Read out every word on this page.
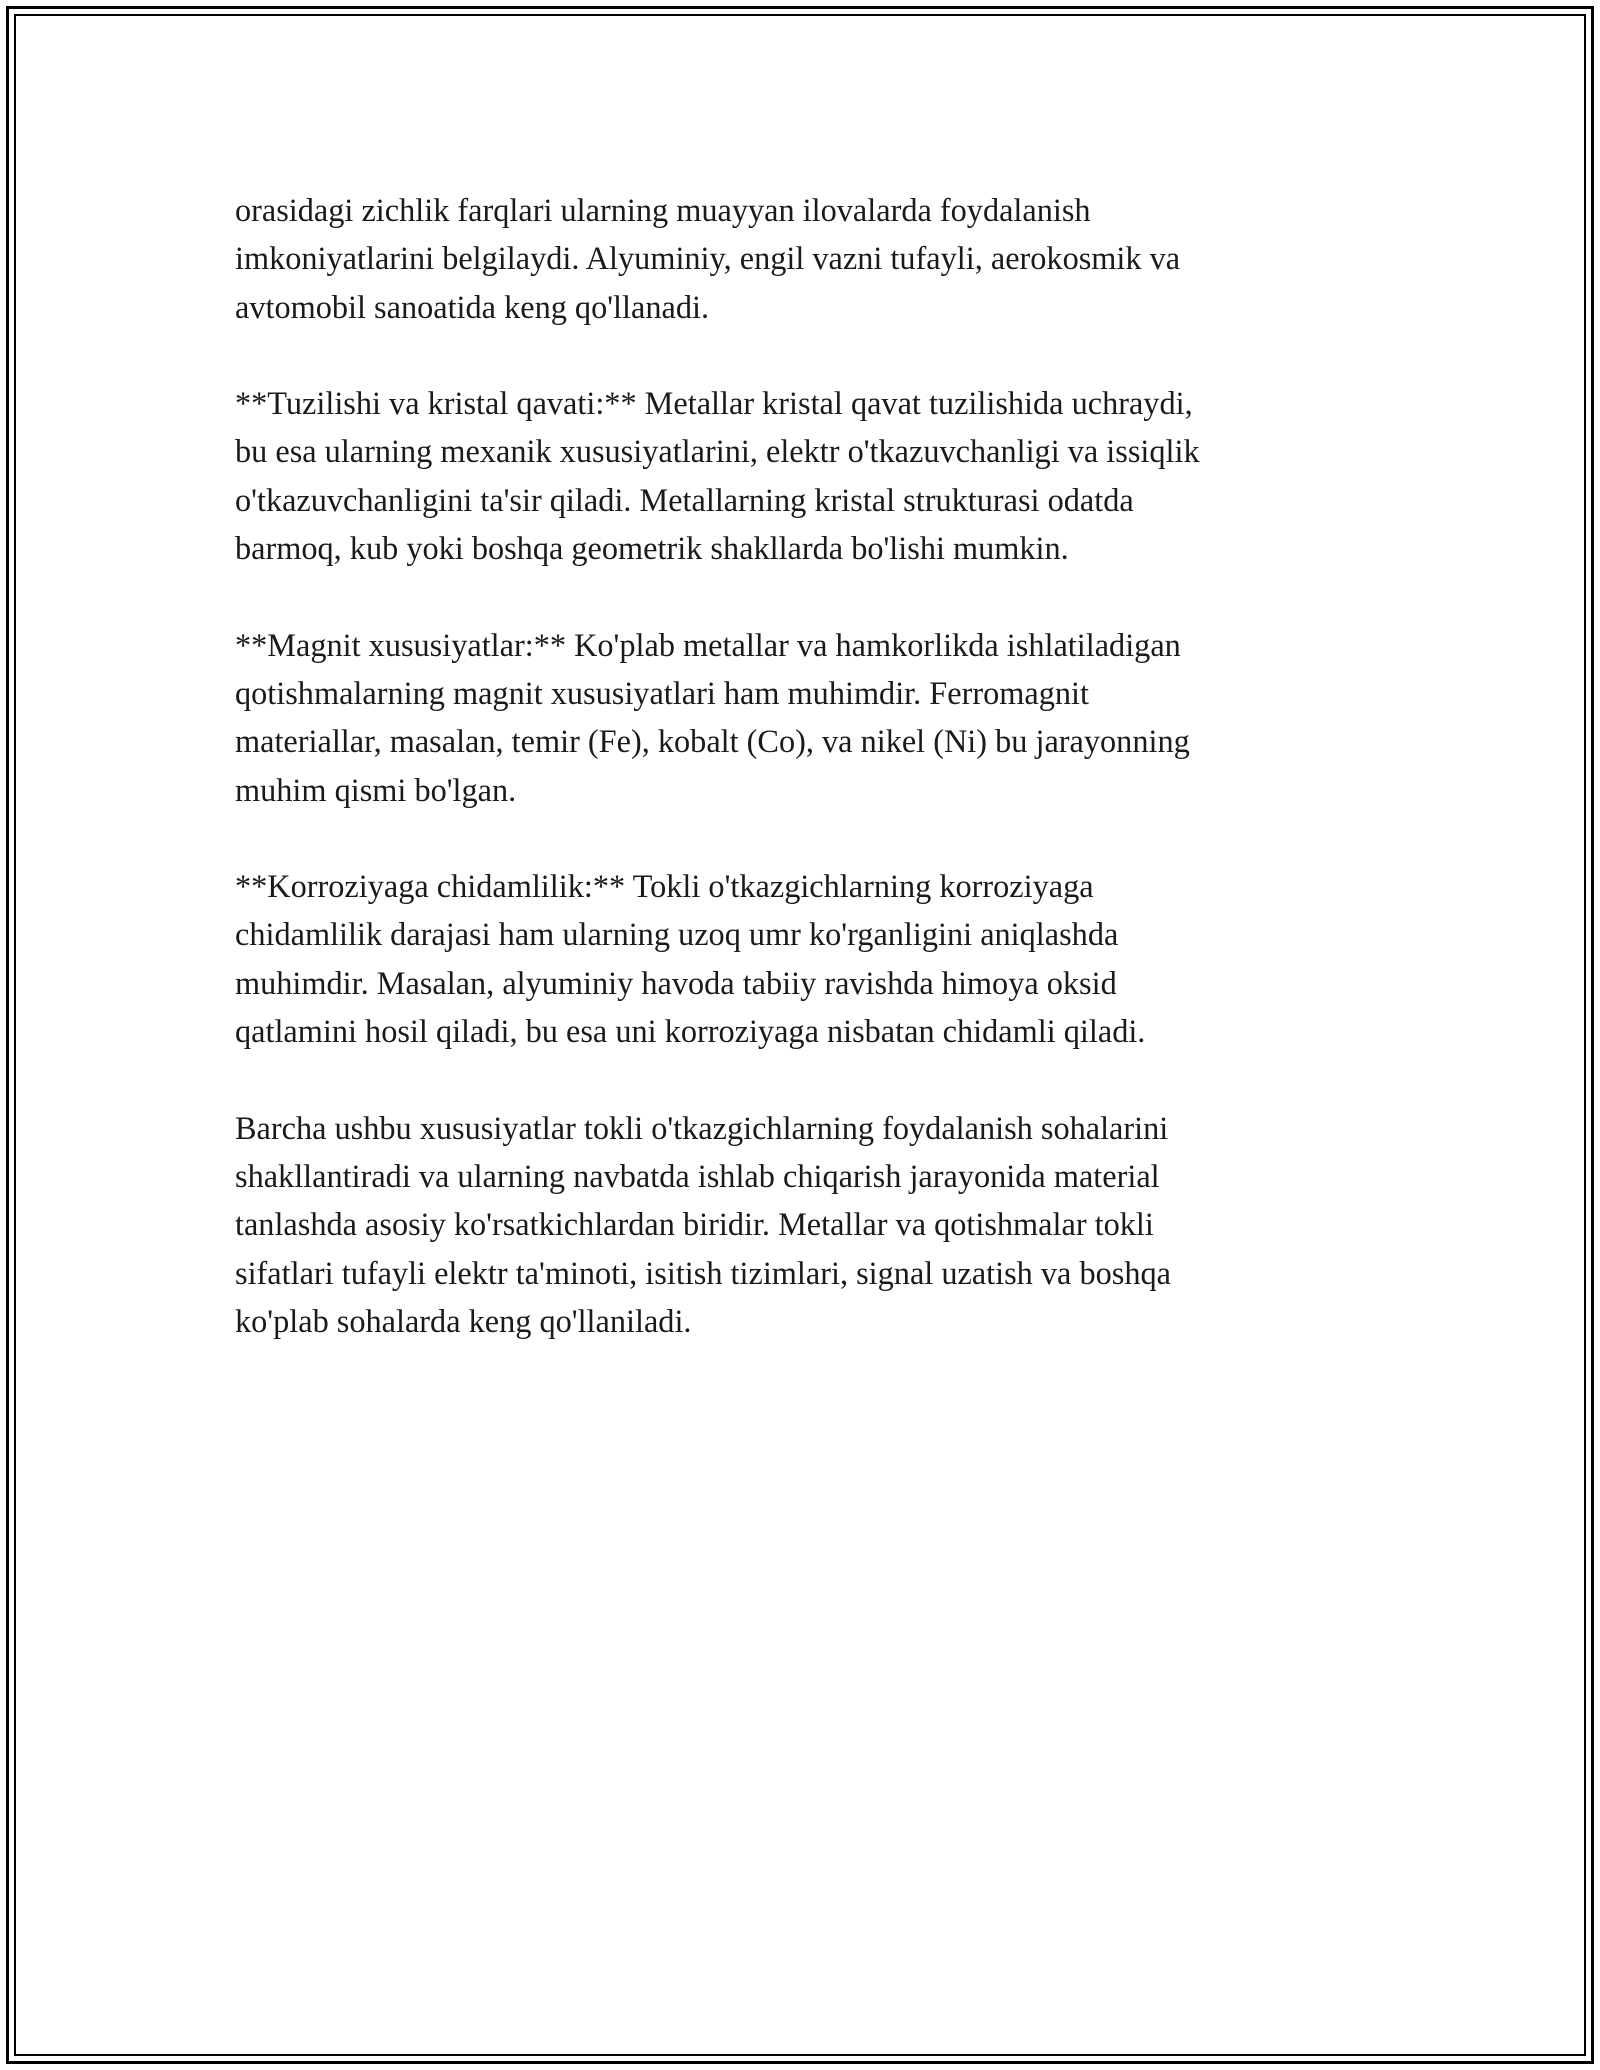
orasidagi zichlik farqlari ularning muayyan ilovalarda foydalanish
imkoniyatlarini belgilaydi. Alyuminiy, engil vazni tufayli, aerokosmik va
avtomobil sanoatida keng qo'llanadi.

**Tuzilishi va kristal qavati:** Metallar kristal qavat tuzilishida uchraydi,
bu esa ularning mexanik xususiyatlarini, elektr o'tkazuvchanligi va issiqlik
o'tkazuvchanligini ta'sir qiladi. Metallarning kristal strukturasi odatda
barmoq, kub yoki boshqa geometrik shakllarda bo'lishi mumkin.

**Magnit xususiyatlar:** Ko'plab metallar va hamkorlikda ishlatiladigan
qotishmalarning magnit xususiyatlari ham muhimdir. Ferromagnit
materiallar, masalan, temir (Fe), kobalt (Co), va nikel (Ni) bu jarayonning
muhim qismi bo'lgan.

**Korroziyaga chidamlilik:** Tokli o'tkazgichlarning korroziyaga
chidamlilik darajasi ham ularning uzoq umr ko'rganligini aniqlashda
muhimdir. Masalan, alyuminiy havoda tabiiy ravishda himoya oksid
qatlamini hosil qiladi, bu esa uni korroziyaga nisbatan chidamli qiladi.

Barcha ushbu xususiyatlar tokli o'tkazgichlarning foydalanish sohalarini
shakllantiradi va ularning navbatda ishlab chiqarish jarayonida material
tanlashda asosiy ko'rsatkichlardan biridir. Metallar va qotishmalar tokli
sifatlari tufayli elektr ta'minoti, isitish tizimlari, signal uzatish va boshqa
ko'plab sohalarda keng qo'llaniladi.
